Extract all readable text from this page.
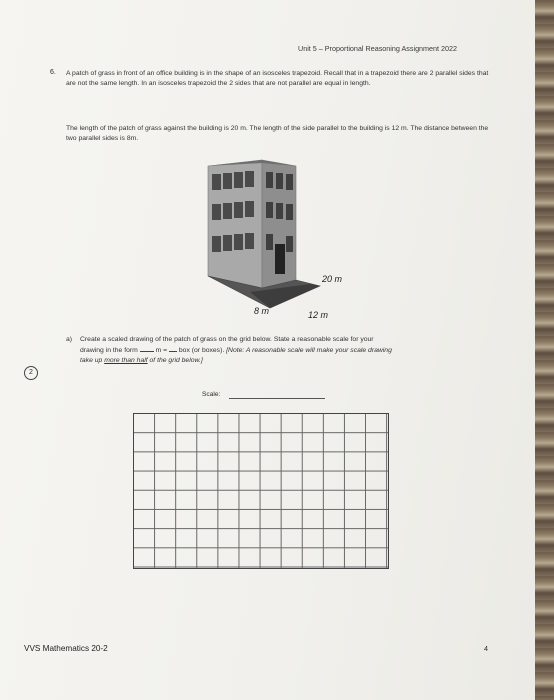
Unit 5 – Proportional Reasoning Assignment 2022
6. A patch of grass in front of an office building is in the shape of an isosceles trapezoid. Recall that in a trapezoid there are 2 parallel sides that are not the same length. In an isosceles trapezoid the 2 sides that are not parallel are equal in length.
The length of the patch of grass against the building is 20 m. The length of the side parallel to the building is 12 m. The distance between the two parallel sides is 8m.
20 m
8 m	12 m
a) Create a scaled drawing of the patch of grass on the grid below. State a reasonable scale for your
drawing in the form	m = box (or boxes). [Note: A reasonable scale will make your scale drawing
take up more than half of the grid below.]
2
Scale:
VVS Mathematics 20-2	4
